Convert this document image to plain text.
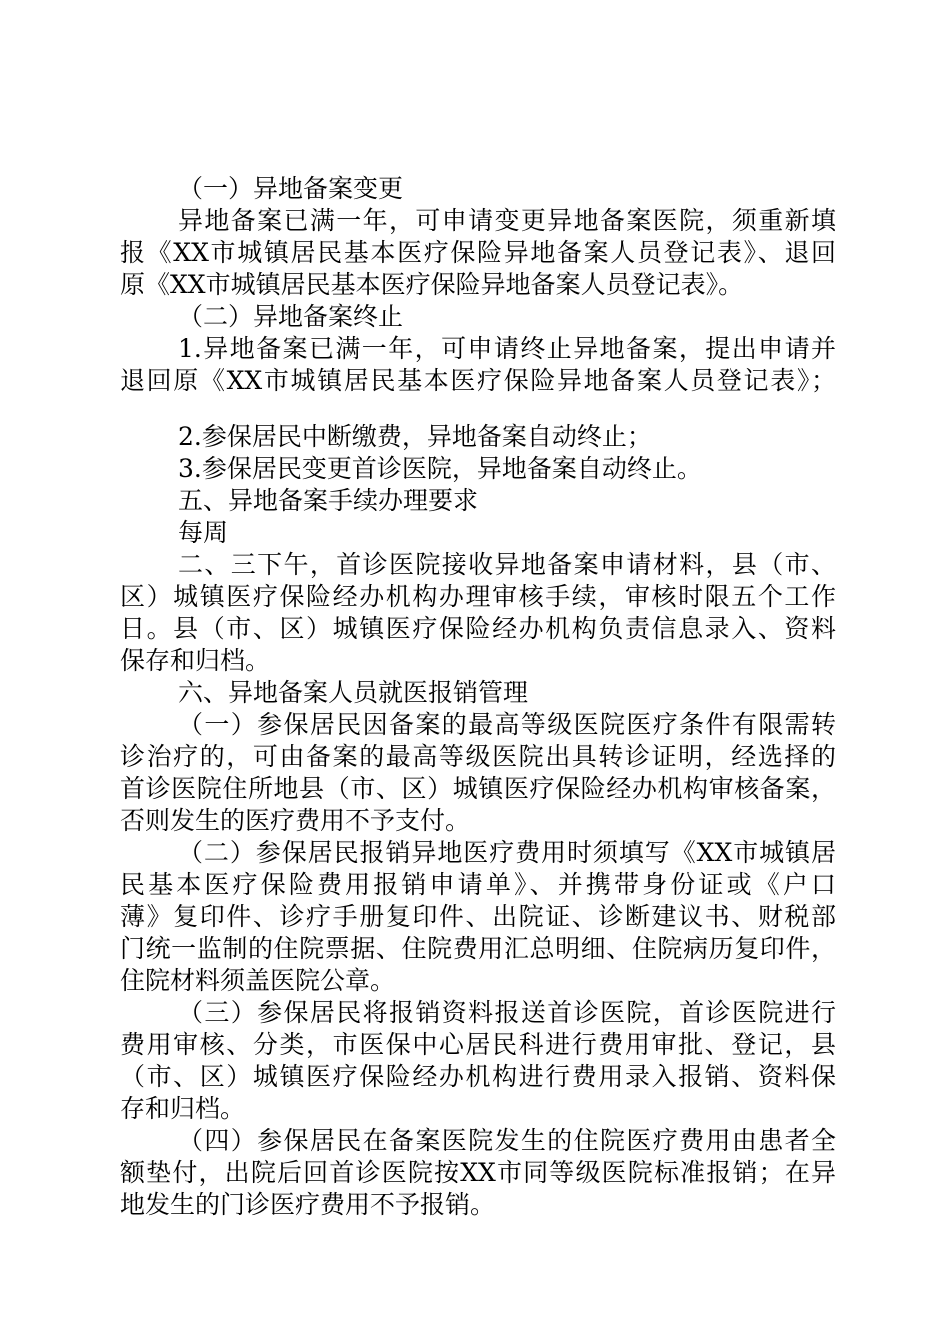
（一）异地备案变更
异地备案已满一年，可申请变更异地备案医院，须重新填
报《XX市城镇居民基本医疗保险异地备案人员登记表》、退回
原《XX市城镇居民基本医疗保险异地备案人员登记表》。
（二）异地备案终止
1.异地备案已满一年，可申请终止异地备案，提出申请并
退回原《XX市城镇居民基本医疗保险异地备案人员登记表》；
2.参保居民中断缴费，异地备案自动终止；
3.参保居民变更首诊医院，异地备案自动终止。
五、异地备案手续办理要求
每周
二、三下午，首诊医院接收异地备案申请材料，县（市、
区）城镇医疗保险经办机构办理审核手续，审核时限五个工作
日。县（市、区）城镇医疗保险经办机构负责信息录入、资料
保存和归档。
六、异地备案人员就医报销管理
（一）参保居民因备案的最高等级医院医疗条件有限需转
诊治疗的，可由备案的最高等级医院出具转诊证明，经选择的
首诊医院住所地县（市、区）城镇医疗保险经办机构审核备案，
否则发生的医疗费用不予支付。
（二）参保居民报销异地医疗费用时须填写《XX市城镇居
民基本医疗保险费用报销申请单》、并携带身份证或《户口
薄》复印件、诊疗手册复印件、出院证、诊断建议书、财税部
门统一监制的住院票据、住院费用汇总明细、住院病历复印件，
住院材料须盖医院公章。
（三）参保居民将报销资料报送首诊医院，首诊医院进行
费用审核、分类，市医保中心居民科进行费用审批、登记，县
（市、区）城镇医疗保险经办机构进行费用录入报销、资料保
存和归档。
（四）参保居民在备案医院发生的住院医疗费用由患者全
额垫付，出院后回首诊医院按XX市同等级医院标准报销；在异
地发生的门诊医疗费用不予报销。
